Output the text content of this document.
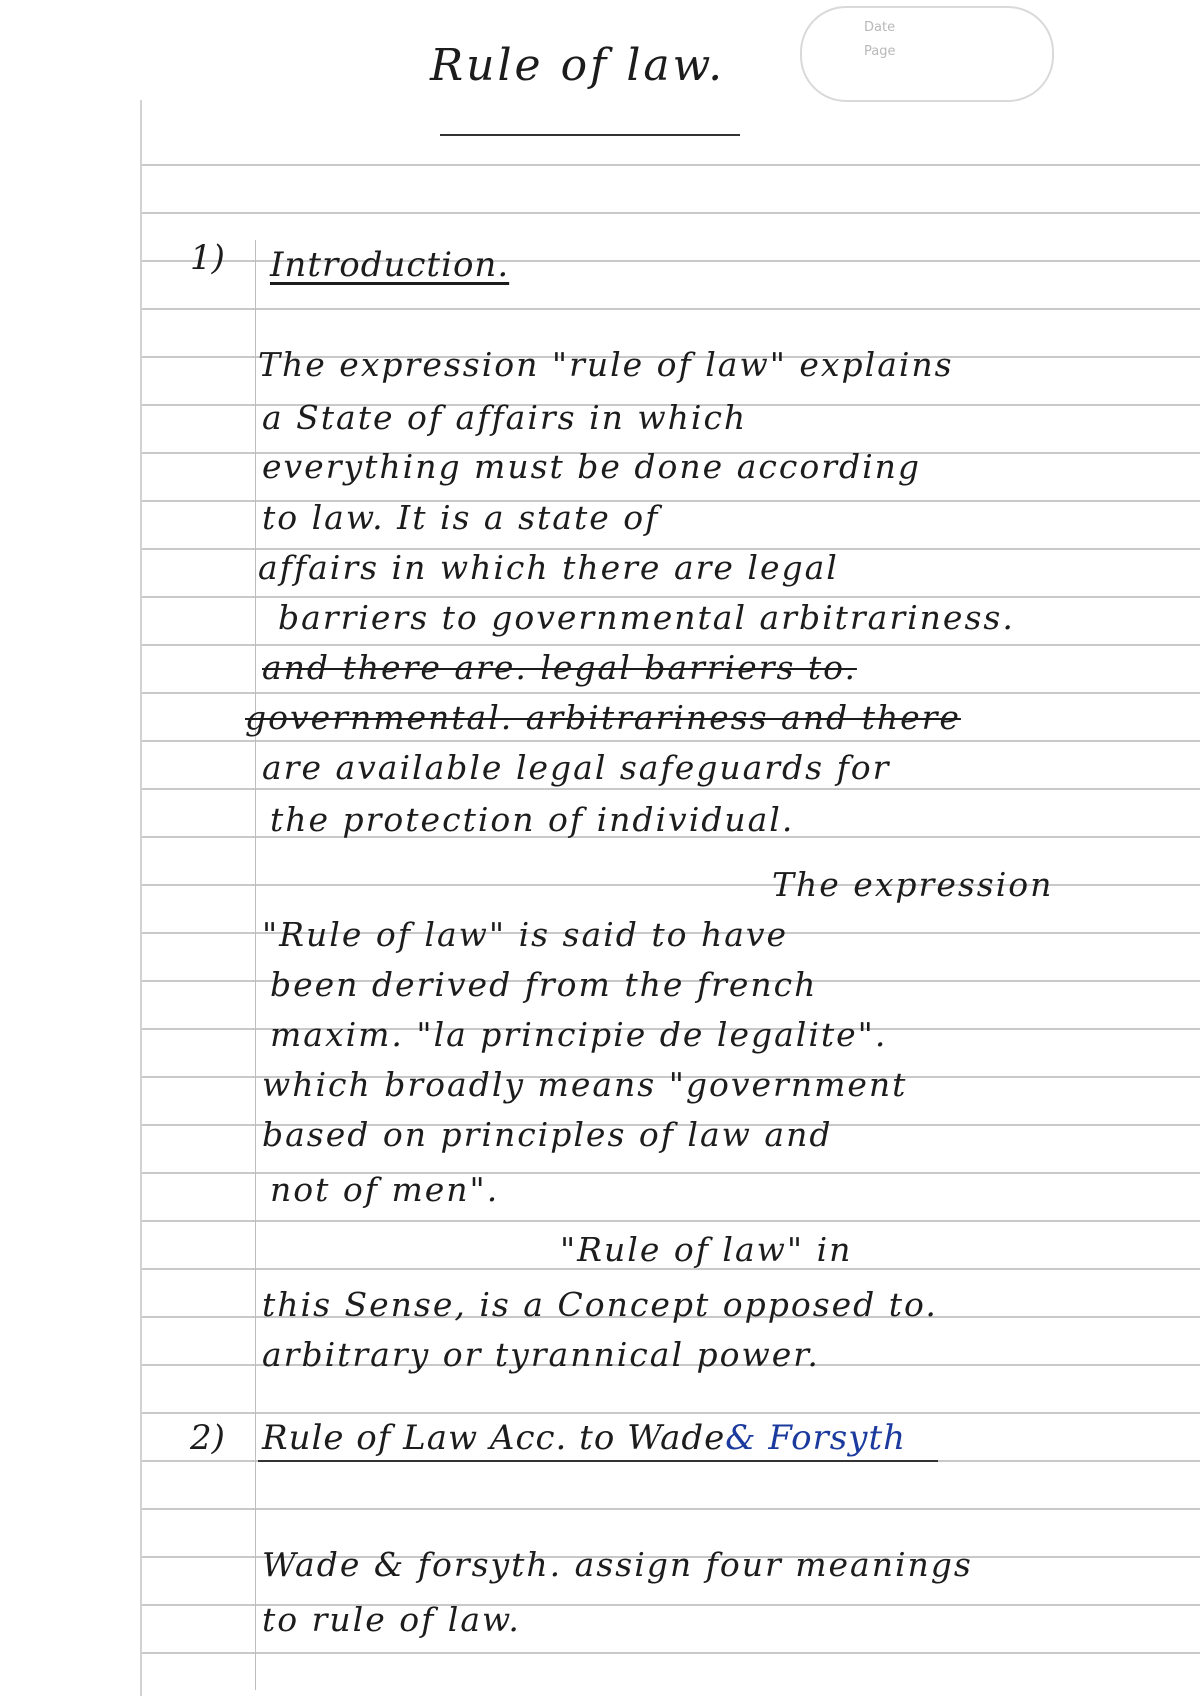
Date
Page
Rule of law.
1) Introduction.
The expression "rule of law" explains
a State of affairs in which
everything must be done according
to law. It is a state of
affairs in which there are legal
barriers to governmental arbitrariness.
and there are. legal barriers to.
governmental. arbitrariness and there
are available legal safeguards for
the protection of individual.
The expression
"Rule of law" is said to have
been derived from the french
maxim. "la principie de legalite".
which broadly means "government
based on principles of law and
not of men".
"Rule of law" in
this Sense, is a Concept opposed to.
arbitrary or tyrannical power.
2) Rule of Law Acc. to Wade& Forsyth
Wade & forsyth. assign four meanings
to rule of law.
